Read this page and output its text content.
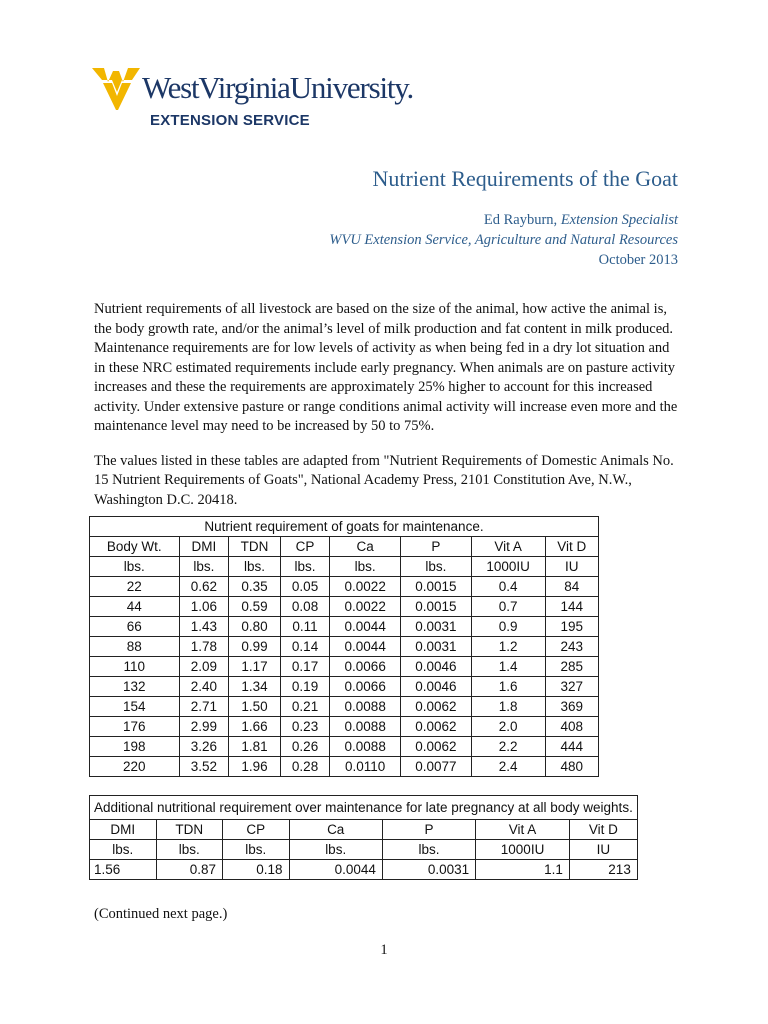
WestVirginiaUniversity.
EXTENSION SERVICE
Nutrient Requirements of the Goat
Ed Rayburn, Extension Specialist
WVU Extension Service, Agriculture and Natural Resources
October 2013

Nutrient requirements of all livestock are based on the size of the animal, how active the animal is, the body growth rate, and/or the animal’s level of milk production and fat content in milk produced. Maintenance requirements are for low levels of activity as when being fed in a dry lot situation and in these NRC estimated requirements include early pregnancy. When animals are on pasture activity increases and these the requirements are approximately 25% higher to account for this increased activity. Under extensive pasture or range conditions animal activity will increase even more and the maintenance level may need to be increased by 50 to 75%.

The values listed in these tables are adapted from "Nutrient Requirements of Domestic Animals No. 15 Nutrient Requirements of Goats", National Academy Press, 2101 Constitution Ave, N.W., Washington D.C. 20418.

Nutrient requirement of goats for maintenance.							
Body Wt.	DMI	TDN	CP	Ca	P	Vit A	Vit D
lbs.	lbs.	lbs.	lbs.	lbs.	lbs.	1000IU	IU
22	0.62	0.35	0.05	0.0022	0.0015	0.4	84
44	1.06	0.59	0.08	0.0022	0.0015	0.7	144
66	1.43	0.80	0.11	0.0044	0.0031	0.9	195
88	1.78	0.99	0.14	0.0044	0.0031	1.2	243
110	2.09	1.17	0.17	0.0066	0.0046	1.4	285
132	2.40	1.34	0.19	0.0066	0.0046	1.6	327
154	2.71	1.50	0.21	0.0088	0.0062	1.8	369
176	2.99	1.66	0.23	0.0088	0.0062	2.0	408
198	3.26	1.81	0.26	0.0088	0.0062	2.2	444
220	3.52	1.96	0.28	0.0110	0.0077	2.4	480
Additional nutritional requirement over maintenance for late pregnancy at all body weights.						
DMI	TDN	CP	Ca	P	Vit A	Vit D
lbs.	lbs.	lbs.	lbs.	lbs.	1000IU	IU
1.56	0.87	0.18	0.0044	0.0031	1.1	213
(Continued next page.)
1
